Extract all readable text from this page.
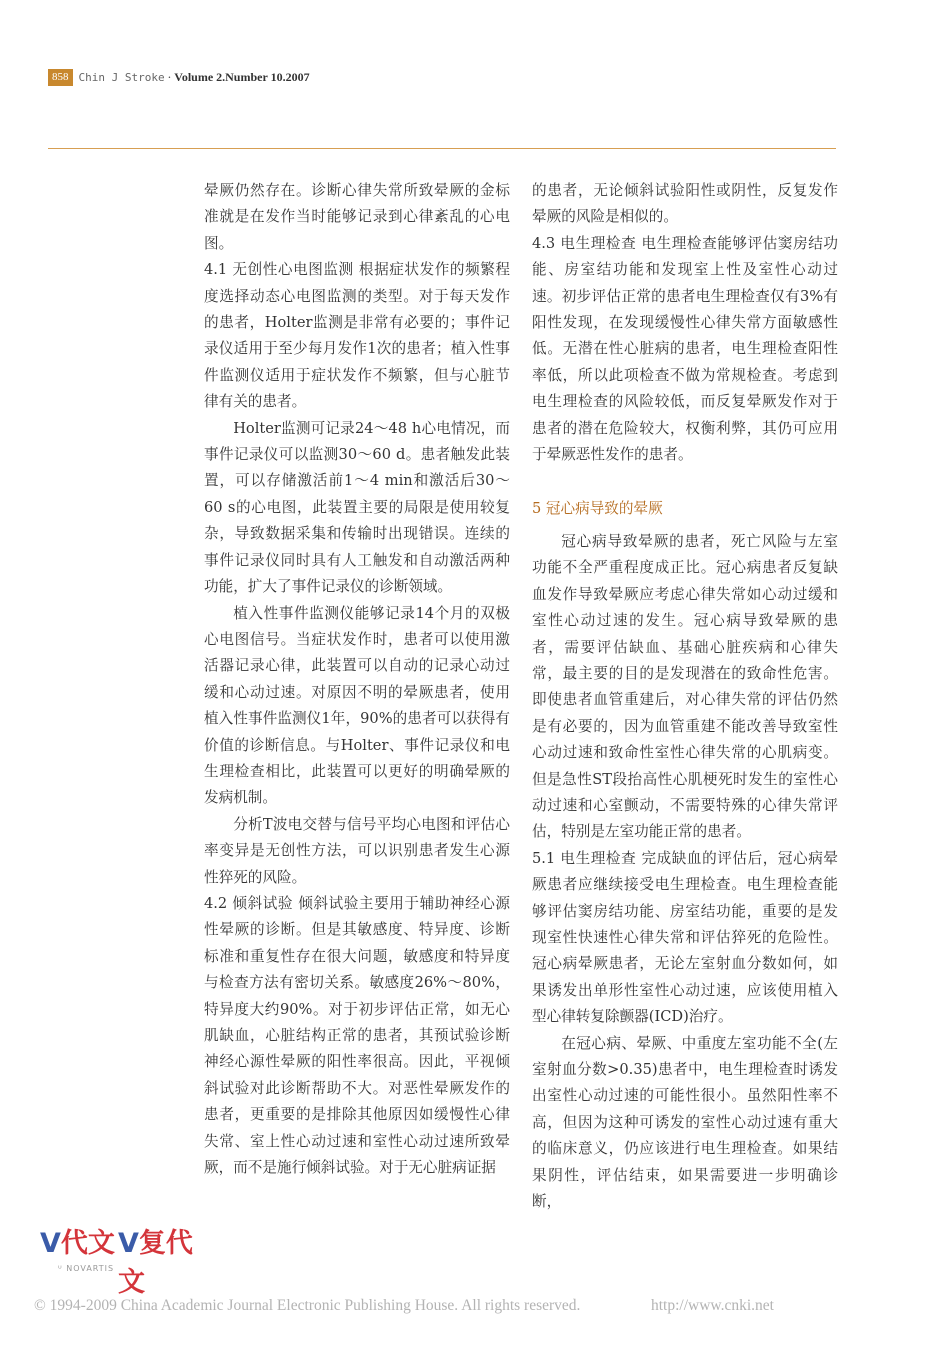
858 Chin J Stroke · Volume 2.Number 10.2007

晕厥仍然存在。诊断心律失常所致晕厥的金标准就是在发作当时能够记录到心律紊乱的心电图。

4.1 无创性心电图监测 根据症状发作的频繁程度选择动态心电图监测的类型。对于每天发作的患者，Holter监测是非常有必要的；事件记录仪适用于至少每月发作1次的患者；植入性事件监测仪适用于症状发作不频繁，但与心脏节律有关的患者。

Holter监测可记录24～48 h心电情况，而事件记录仪可以监测30～60 d。患者触发此装置，可以存储激活前1～4 min和激活后30～60 s的心电图，此装置主要的局限是使用较复杂，导致数据采集和传输时出现错误。连续的事件记录仪同时具有人工触发和自动激活两种功能，扩大了事件记录仪的诊断领域。

植入性事件监测仪能够记录14个月的双极心电图信号。当症状发作时，患者可以使用激活器记录心律，此装置可以自动的记录心动过缓和心动过速。对原因不明的晕厥患者，使用植入性事件监测仪1年，90%的患者可以获得有价值的诊断信息。与Holter、事件记录仪和电生理检查相比，此装置可以更好的明确晕厥的发病机制。

分析T波电交替与信号平均心电图和评估心率变异是无创性方法，可以识别患者发生心源性猝死的风险。

4.2 倾斜试验 倾斜试验主要用于辅助神经心源性晕厥的诊断。但是其敏感度、特异度、诊断标准和重复性存在很大问题，敏感度和特异度与检查方法有密切关系。敏感度26%～80%，特异度大约90%。对于初步评估正常，如无心肌缺血，心脏结构正常的患者，其预试验诊断神经心源性晕厥的阳性率很高。因此，平视倾斜试验对此诊断帮助不大。对恶性晕厥发作的患者，更重要的是排除其他原因如缓慢性心律失常、室上性心动过速和室性心动过速所致晕厥，而不是施行倾斜试验。对于无心脏病证据

的患者，无论倾斜试验阳性或阴性，反复发作晕厥的风险是相似的。

4.3 电生理检查 电生理检查能够评估窦房结功能、房室结功能和发现室上性及室性心动过速。初步评估正常的患者电生理检查仅有3%有阳性发现，在发现缓慢性心律失常方面敏感性低。无潜在性心脏病的患者，电生理检查阳性率低，所以此项检查不做为常规检查。考虑到电生理检查的风险较低，而反复晕厥发作对于患者的潜在危险较大，权衡利弊，其仍可应用于晕厥恶性发作的患者。

5 冠心病导致的晕厥

冠心病导致晕厥的患者，死亡风险与左室功能不全严重程度成正比。冠心病患者反复缺血发作导致晕厥应考虑心律失常如心动过缓和室性心动过速的发生。冠心病导致晕厥的患者，需要评估缺血、基础心脏疾病和心律失常，最主要的目的是发现潜在的致命性危害。即使患者血管重建后，对心律失常的评估仍然是有必要的，因为血管重建不能改善导致室性心动过速和致命性室性心律失常的心肌病变。但是急性ST段抬高性心肌梗死时发生的室性心动过速和心室颤动，不需要特殊的心律失常评估，特别是左室功能正常的患者。

5.1 电生理检查 完成缺血的评估后，冠心病晕厥患者应继续接受电生理检查。电生理检查能够评估窦房结功能、房室结功能，重要的是发现室性快速性心律失常和评估猝死的危险性。冠心病晕厥患者，无论左室射血分数如何，如果诱发出单形性室性心动过速，应该使用植入型心律转复除颤器(ICD)治疗。

在冠心病、晕厥、中重度左室功能不全(左室射血分数>0.35)患者中，电生理检查时诱发出室性心动过速的可能性很小。虽然阳性率不高，但因为这种可诱发的室性心动过速有重大的临床意义，仍应该进行电生理检查。如果结果阴性，评估结束，如果需要进一步明确诊断，

V代文 V复代文
ᵁ NOVARTIS
© 1994-2009 China Academic Journal Electronic Publishing House. All rights reserved.	http://www.cnki.net
